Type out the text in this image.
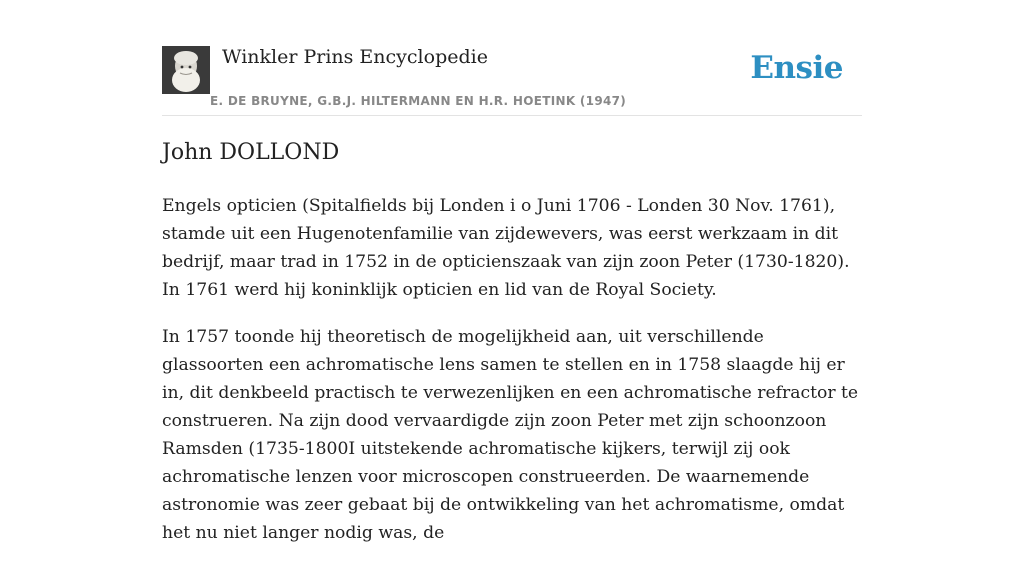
Winkler Prins Encyclopedie
E. DE BRUYNE, G.B.J. HILTERMANN EN H.R. HOETINK (1947)
Ensie
John DOLLOND

Engels opticien (Spitalfields bij Londen i o Juni 1706 - Londen 30 Nov. 1761), stamde uit een Hugenotenfamilie van zijdewevers, was eerst werkzaam in dit bedrijf, maar trad in 1752 in de opticienszaak van zijn zoon Peter (1730-1820). In 1761 werd hij koninklijk opticien en lid van de Royal Society.

In 1757 toonde hij theoretisch de mogelijkheid aan, uit verschillende glassoorten een achromatische lens samen te stellen en in 1758 slaagde hij er in, dit denkbeeld practisch te verwezenlijken en een achromatische refractor te construeren. Na zijn dood vervaardigde zijn zoon Peter met zijn schoonzoon Ramsden (1735-1800I uitstekende achromatische kijkers, terwijl zij ook achromatische lenzen voor microscopen construeerden. De waarnemende astronomie was zeer gebaat bij de ontwikkeling van het achromatisme, omdat het nu niet langer nodig was, de
